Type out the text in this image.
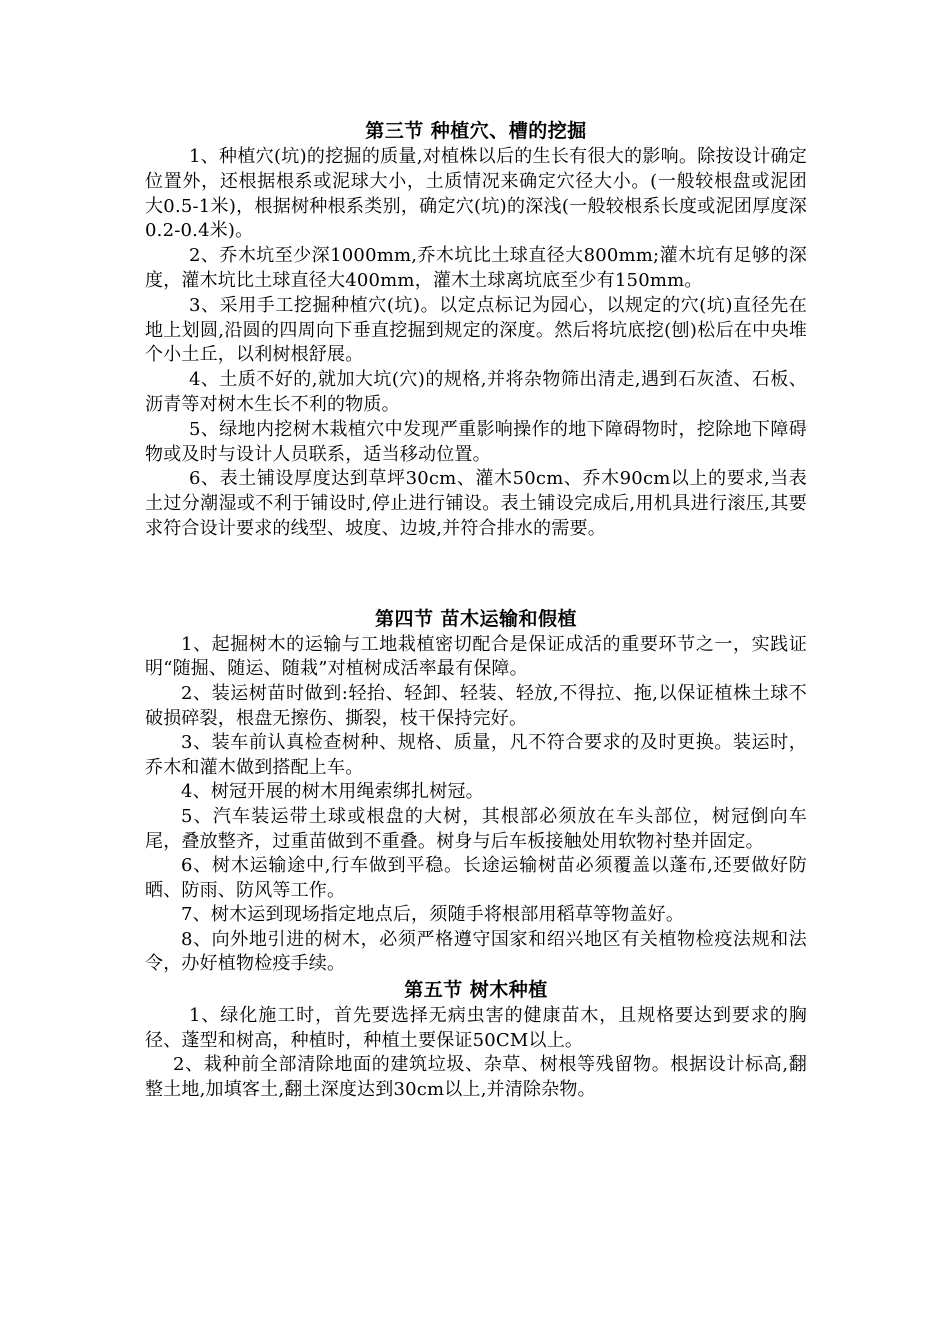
第三节 种植穴、槽的挖掘

1、种植穴(坑)的挖掘的质量,对植株以后的生长有很大的影响。除按设计确定位置外，还根据根系或泥球大小，土质情况来确定穴径大小。(一般较根盘或泥团大0.5-1米)，根据树种根系类别，确定穴(坑)的深浅(一般较根系长度或泥团厚度深0.2-0.4米)。

2、乔木坑至少深1000mm,乔木坑比土球直径大800mm;灌木坑有足够的深度，灌木坑比土球直径大400mm，灌木土球离坑底至少有150mm。

3、采用手工挖掘种植穴(坑)。以定点标记为园心，以规定的穴(坑)直径先在地上划圆,沿圆的四周向下垂直挖掘到规定的深度。然后将坑底挖(刨)松后在中央堆个小土丘，以利树根舒展。

4、土质不好的,就加大坑(穴)的规格,并将杂物筛出清走,遇到石灰渣、石板、沥青等对树木生长不利的物质。

5、绿地内挖树木栽植穴中发现严重影响操作的地下障碍物时，挖除地下障碍物或及时与设计人员联系，适当移动位置。

6、表土铺设厚度达到草坪30cm、灌木50cm、乔木90cm以上的要求,当表土过分潮湿或不利于铺设时,停止进行铺设。表土铺设完成后,用机具进行滚压,其要求符合设计要求的线型、坡度、边坡,并符合排水的需要。

第四节 苗木运输和假植

1、起掘树木的运输与工地栽植密切配合是保证成活的重要环节之一，实践证明“随掘、随运、随栽”对植树成活率最有保障。

2、装运树苗时做到:轻抬、轻卸、轻装、轻放,不得拉、拖,以保证植株土球不破损碎裂，根盘无擦伤、撕裂，枝干保持完好。

3、装车前认真检查树种、规格、质量，凡不符合要求的及时更换。装运时，乔木和灌木做到搭配上车。

4、树冠开展的树木用绳索绑扎树冠。

5、汽车装运带土球或根盘的大树，其根部必须放在车头部位，树冠倒向车尾，叠放整齐，过重苗做到不重叠。树身与后车板接触处用软物衬垫并固定。

6、树木运输途中,行车做到平稳。长途运输树苗必须覆盖以蓬布,还要做好防晒、防雨、防风等工作。

7、树木运到现场指定地点后，须随手将根部用稻草等物盖好。

8、向外地引进的树木，必须严格遵守国家和绍兴地区有关植物检疫法规和法令，办好植物检疫手续。

第五节 树木种植

1、绿化施工时，首先要选择无病虫害的健康苗木，且规格要达到要求的胸径、蓬型和树高，种植时，种植土要保证50CM以上。

2、栽种前全部清除地面的建筑垃圾、杂草、树根等残留物。根据设计标高,翻整土地,加填客土,翻土深度达到30cm以上,并清除杂物。
